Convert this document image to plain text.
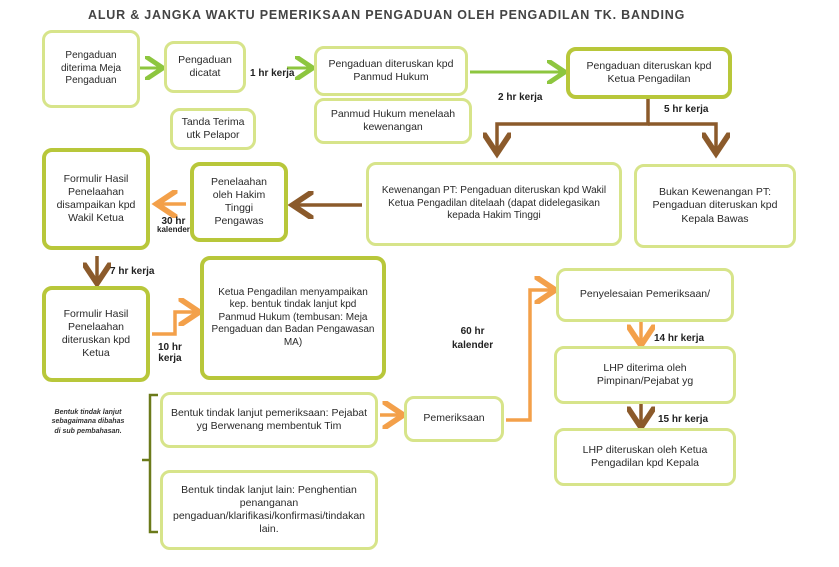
ALUR & JANGKA WAKTU PEMERIKSAAN PENGADUAN OLEH PENGADILAN TK. BANDING
Pengaduan diterima Meja Pengaduan
Pengaduan dicatat	1 hr kerja
Pengaduan diteruskan kpd Panmud Hukum
Pengaduan diteruskan kpd Ketua Pengadilan
2 hr kerja
Tanda Terima utk Pelapor
Panmud Hukum menelaah kewenangan
5 hr kerja
Kewenangan PT: Pengaduan diteruskan kpd Wakil Ketua Pengadilan ditelaah (dapat didelegasikan kepada Hakim Tinggi
Bukan Kewenangan PT: Pengaduan diteruskan kpd Kepala Bawas
Penelaahan oleh Hakim Tinggi Pengawas
30 hr
kalender
Formulir Hasil Penelaahan disampaikan kpd Wakil Ketua
7 hr kerja
Formulir Hasil Penelaahan diteruskan kpd Ketua	10 hr
kerja
Ketua Pengadilan menyampaikan kep. bentuk tindak lanjut kpd Panmud Hukum (tembusan: Meja Pengaduan dan Badan Pengawasan MA)
60 hr
kalender
Penyelesaian Pemeriksaan/
14 hr kerja
LHP diterima oleh Pimpinan/Pejabat yg
15 hr kerja
LHP diteruskan oleh Ketua Pengadilan kpd Kepala
Bentuk tindak lanjut pemeriksaan: Pejabat yg Berwenang membentuk Tim
Pemeriksaan
Bentuk tindak lanjut lain: Penghentian penanganan pengaduan/klarifikasi/konfirmasi/tindakan lain.
Bentuk tindak lanjut sebagaimana dibahas di sub pembahasan.
